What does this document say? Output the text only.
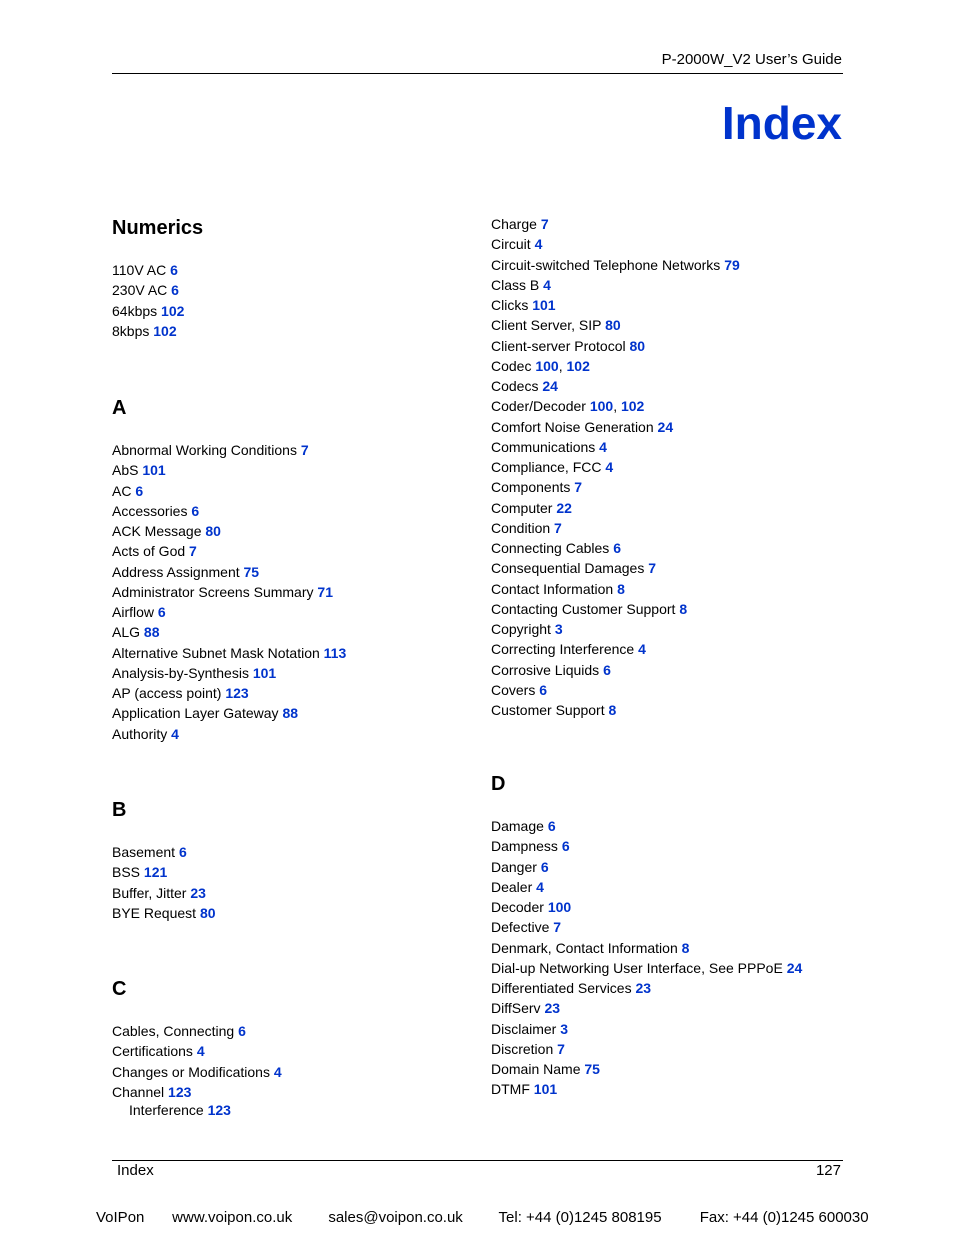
P-2000W_V2 User’s Guide
Index
Numerics
110V AC 6
230V AC 6
64kbps 102
8kbps 102
A
Abnormal Working Conditions 7
AbS 101
AC 6
Accessories 6
ACK Message 80
Acts of God 7
Address Assignment 75
Administrator Screens Summary 71
Airflow 6
ALG 88
Alternative Subnet Mask Notation 113
Analysis-by-Synthesis 101
AP (access point) 123
Application Layer Gateway 88
Authority 4
B
Basement 6
BSS 121
Buffer, Jitter 23
BYE Request 80
C
Cables, Connecting 6
Certifications 4
Changes or Modifications 4
Channel 123
Interference 123
Charge 7
Circuit 4
Circuit-switched Telephone Networks 79
Class B 4
Clicks 101
Client Server, SIP 80
Client-server Protocol 80
Codec 100, 102
Codecs 24
Coder/Decoder 100, 102
Comfort Noise Generation 24
Communications 4
Compliance, FCC 4
Components 7
Computer 22
Condition 7
Connecting Cables 6
Consequential Damages 7
Contact Information 8
Contacting Customer Support 8
Copyright 3
Correcting Interference 4
Corrosive Liquids 6
Covers 6
Customer Support 8
D
Damage 6
Dampness 6
Danger 6
Dealer 4
Decoder 100
Defective 7
Denmark, Contact Information 8
Dial-up Networking User Interface, See PPPoE 24
Differentiated Services 23
DiffServ 23
Disclaimer 3
Discretion 7
Domain Name 75
DTMF 101
Index	127
VoIPon www.voipon.co.uk sales@voipon.co.uk Tel: +44 (0)1245 808195	Fax: +44 (0)1245 600030
